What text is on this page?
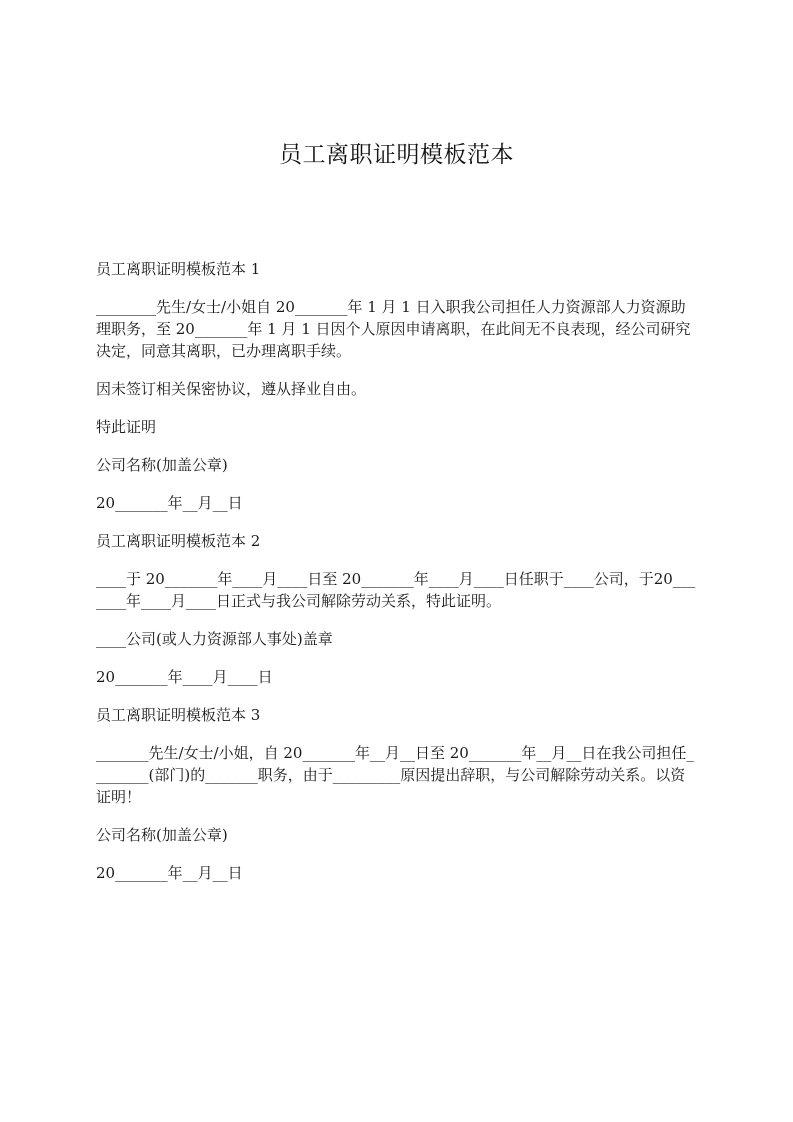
员工离职证明模板范本

员工离职证明模板范本 1

________先生/女士/小姐自 20_______年 1 月 1 日入职我公司担任人力资源部人力资源助理职务，至 20_______年 1 月 1 日因个人原因申请离职，在此间无不良表现，经公司研究决定，同意其离职，已办理离职手续。

因未签订相关保密协议，遵从择业自由。

特此证明

公司名称(加盖公章)

20_______年__月__日

员工离职证明模板范本 2

____于 20_______年____月____日至 20_______年____月____日任职于____公司，于20_______年____月____日正式与我公司解除劳动关系，特此证明。

____公司(或人力资源部人事处)盖章

20_______年____月____日

员工离职证明模板范本 3

_______先生/女士/小姐，自 20_______年__月__日至 20_______年__月__日在我公司担任________(部门)的_______职务，由于_________原因提出辞职，与公司解除劳动关系。以资证明！

公司名称(加盖公章)

20_______年__月__日
